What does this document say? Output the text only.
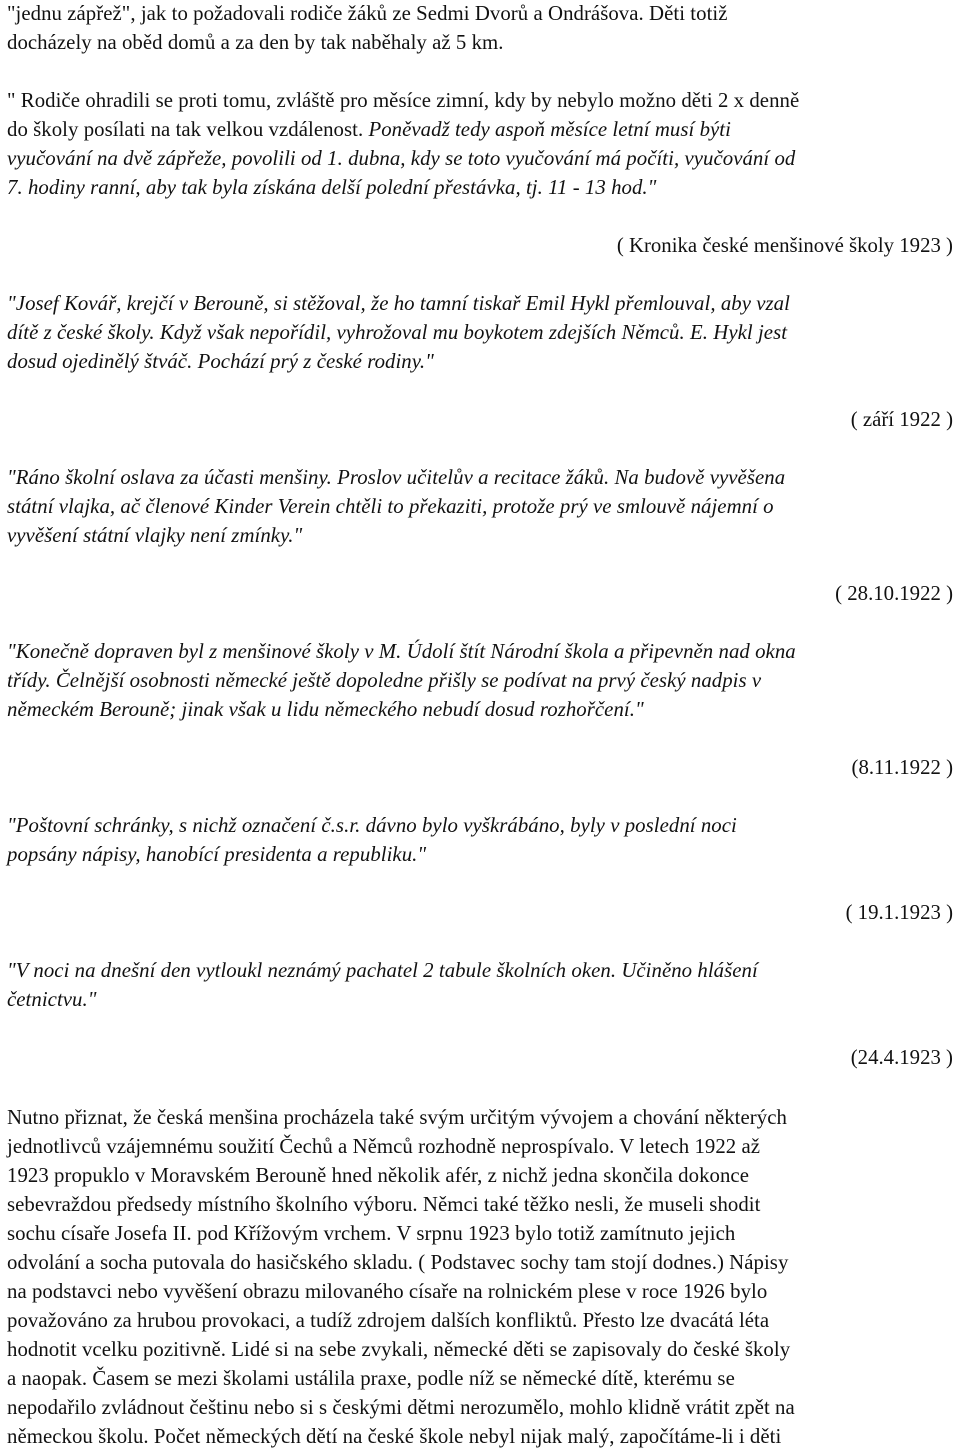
"jednu zápřež", jak to požadovali rodiče žáků ze Sedmi Dvorů a Ondrášova. Děti totiž
docházely na oběd domů a za den by tak naběhaly až 5 km.
" Rodiče ohradili se proti tomu, zvláště pro měsíce zimní, kdy by nebylo možno děti 2 x denně
do školy posílati na tak velkou vzdálenost. Poněvadž tedy aspoň měsíce letní musí býti
vyučování na dvě zápřeže, povolili od 1. dubna, kdy se toto vyučování má počíti, vyučování od
7. hodiny ranní, aby tak byla získána delší polední přestávka, tj. 11 - 13 hod."
( Kronika české menšinové školy 1923 )
"Josef Kovář, krejčí v Berouně, si stěžoval, že ho tamní tiskař Emil Hykl přemlouval, aby vzal
dítě z české školy. Když však nepořídil, vyhrožoval mu boykotem zdejších Němců. E. Hykl jest
dosud ojedinělý štváč. Pochází prý z české rodiny."
( září 1922 )
"Ráno školní oslava za účasti menšiny. Proslov učitelův a recitace žáků. Na budově vyvěšena
státní vlajka, ač členové Kinder Verein chtěli to překaziti, protože prý ve smlouvě nájemní o
vyvěšení státní vlajky není zmínky."
( 28.10.1922 )
"Konečně dopraven byl z menšinové školy v M. Údolí štít Národní škola a připevněn nad okna
třídy. Čelnější osobnosti německé ještě dopoledne přišly se podívat na prvý český nadpis v
německém Berouně; jinak však u lidu německého nebudí dosud rozhořčení."
(8.11.1922 )
"Poštovní schránky, s nichž označení č.s.r. dávno bylo vyškrábáno, byly v poslední noci
popsány nápisy, hanobící presidenta a republiku."
( 19.1.1923 )
"V noci na dnešní den vytloukl neznámý pachatel 2 tabule školních oken. Učiněno hlášení
četnictvu."
(24.4.1923 )
Nutno přiznat, že česká menšina procházela také svým určitým vývojem a chování některých
jednotlivců vzájemnému soužití Čechů a Němců rozhodně neprospívalo. V letech 1922 až
1923 propuklo v Moravském Berouně hned několik afér, z nichž jedna skončila dokonce
sebevraždou předsedy místního školního výboru. Němci také těžko nesli, že museli shodit
sochu císaře Josefa II. pod Křížovým vrchem. V srpnu 1923 bylo totiž zamítnuto jejich
odvolání a socha putovala do hasičského skladu. ( Podstavec sochy tam stojí dodnes.) Nápisy
na podstavci nebo vyvěšení obrazu milovaného císaře na rolnickém plese v roce 1926 bylo
považováno za hrubou provokaci, a tudíž zdrojem dalších konfliktů. Přesto lze dvacátá léta
hodnotit vcelku pozitivně. Lidé si na sebe zvykali, německé děti se zapisovaly do české školy
a naopak. Časem se mezi školami ustálila praxe, podle níž se německé dítě, kterému se
nepodařilo zvládnout češtinu nebo si s českými dětmi nerozumělo, mohlo klidně vrátit zpět na
německou školu. Počet německých dětí na české škole nebyl nijak malý, započítáme-li i děti
